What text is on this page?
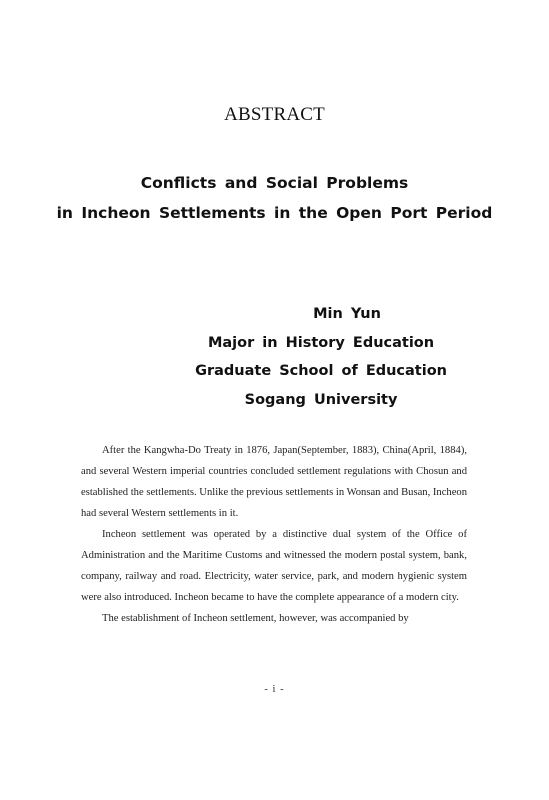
ABSTRACT
Conflicts and Social Problems
in Incheon Settlements in the Open Port Period
Min Yun
Major in History Education
Graduate School of Education
Sogang University

After the Kangwha-Do Treaty in 1876, Japan(September, 1883), China(April, 1884), and several Western imperial countries concluded settlement regulations with Chosun and established the settlements. Unlike the previous settlements in Wonsan and Busan, Incheon had several Western settlements in it.

Incheon settlement was operated by a distinctive dual system of the Office of Administration and the Maritime Customs and witnessed the modern postal system, bank, company, railway and road. Electricity, water service, park, and modern hygienic system were also introduced. Incheon became to have the complete appearance of a modern city.

The establishment of Incheon settlement, however, was accompanied by

- i -
